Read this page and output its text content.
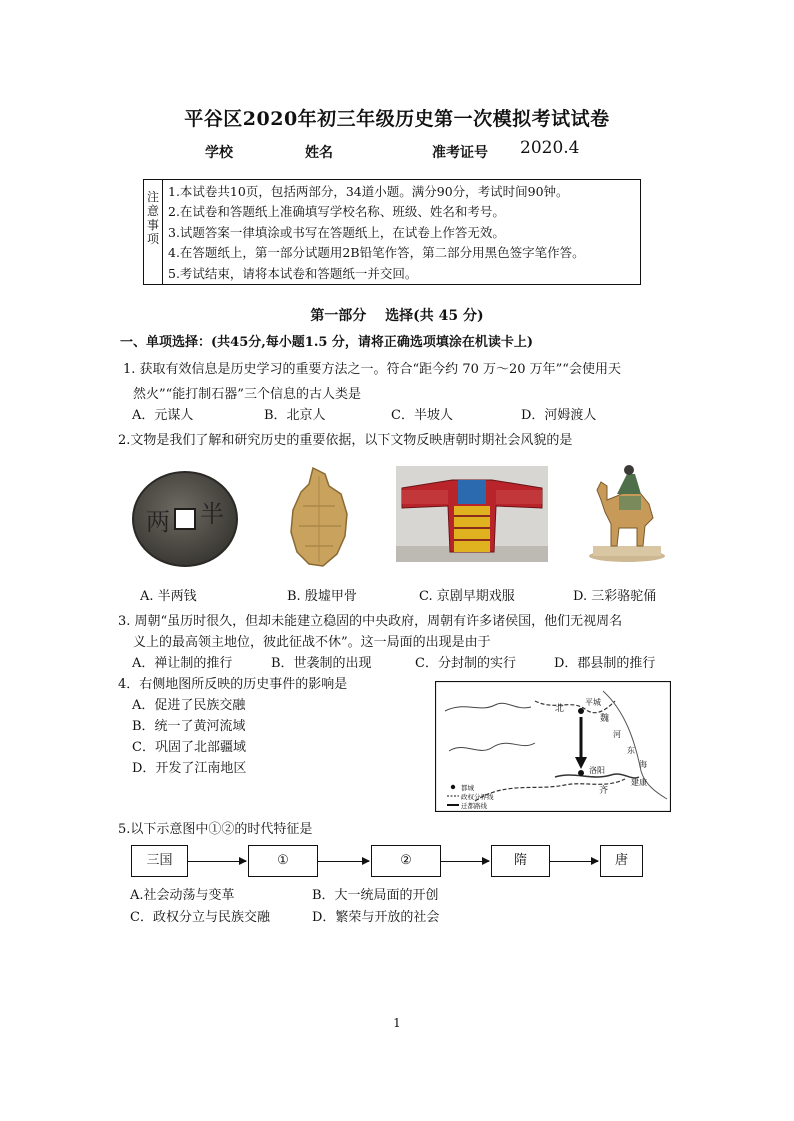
平谷区2020年初三年级历史第一次模拟考试试卷
学校	姓名	准考证号 2020.4
注意事项
1.本试卷共10页，包括两部分，34道小题。满分90分，考试时间90钟。
2.在试卷和答题纸上准确填写学校名称、班级、姓名和考号。
3.试题答案一律填涂或书写在答题纸上，在试卷上作答无效。
4.在答题纸上，第一部分试题用2B铅笔作答，第二部分用黑色签字笔作答。
5.考试结束，请将本试卷和答题纸一并交回。
第一部分　 选择(共 45 分)
一、单项选择：(共45分,每小题1.5 分，请将正确选项填涂在机读卡上)
1. 获取有效信息是历史学习的重要方法之一。符合“距今约 70 万～20 万年”“会使用天
然火”“能打制石器”三个信息的古人类是
A．元谋人	B．北京人	C．半坡人	D．河姆渡人
2.文物是我们了解和研究历史的重要依据，以下文物反映唐朝时期社会风貌的是
两 半
A. 半两钱	B. 殷墟甲骨	C. 京剧早期戏服	D. 三彩骆驼俑
3. 周朝“虽历时很久，但却未能建立稳固的中央政府，周朝有许多诸侯国，他们无视周名
义上的最高领主地位，彼此征战不休”。这一局面的出现是由于
A．禅让制的推行	B．世袭制的出现	C．分封制的实行	D．郡县制的推行
4．右侧地图所反映的历史事件的影响是
A．促进了民族交融
B．统一了黄河流域
C．巩固了北部疆域
D．开发了江南地区
平城
北
魏
洛阳
河
东
海
建康
齐
都城
政权分界线
迁都路线
5.以下示意图中①②的时代特征是
三国	①	②	隋	唐
A.社会动荡与变革	B．大一统局面的开创
C．政权分立与民族交融	D．繁荣与开放的社会
1
